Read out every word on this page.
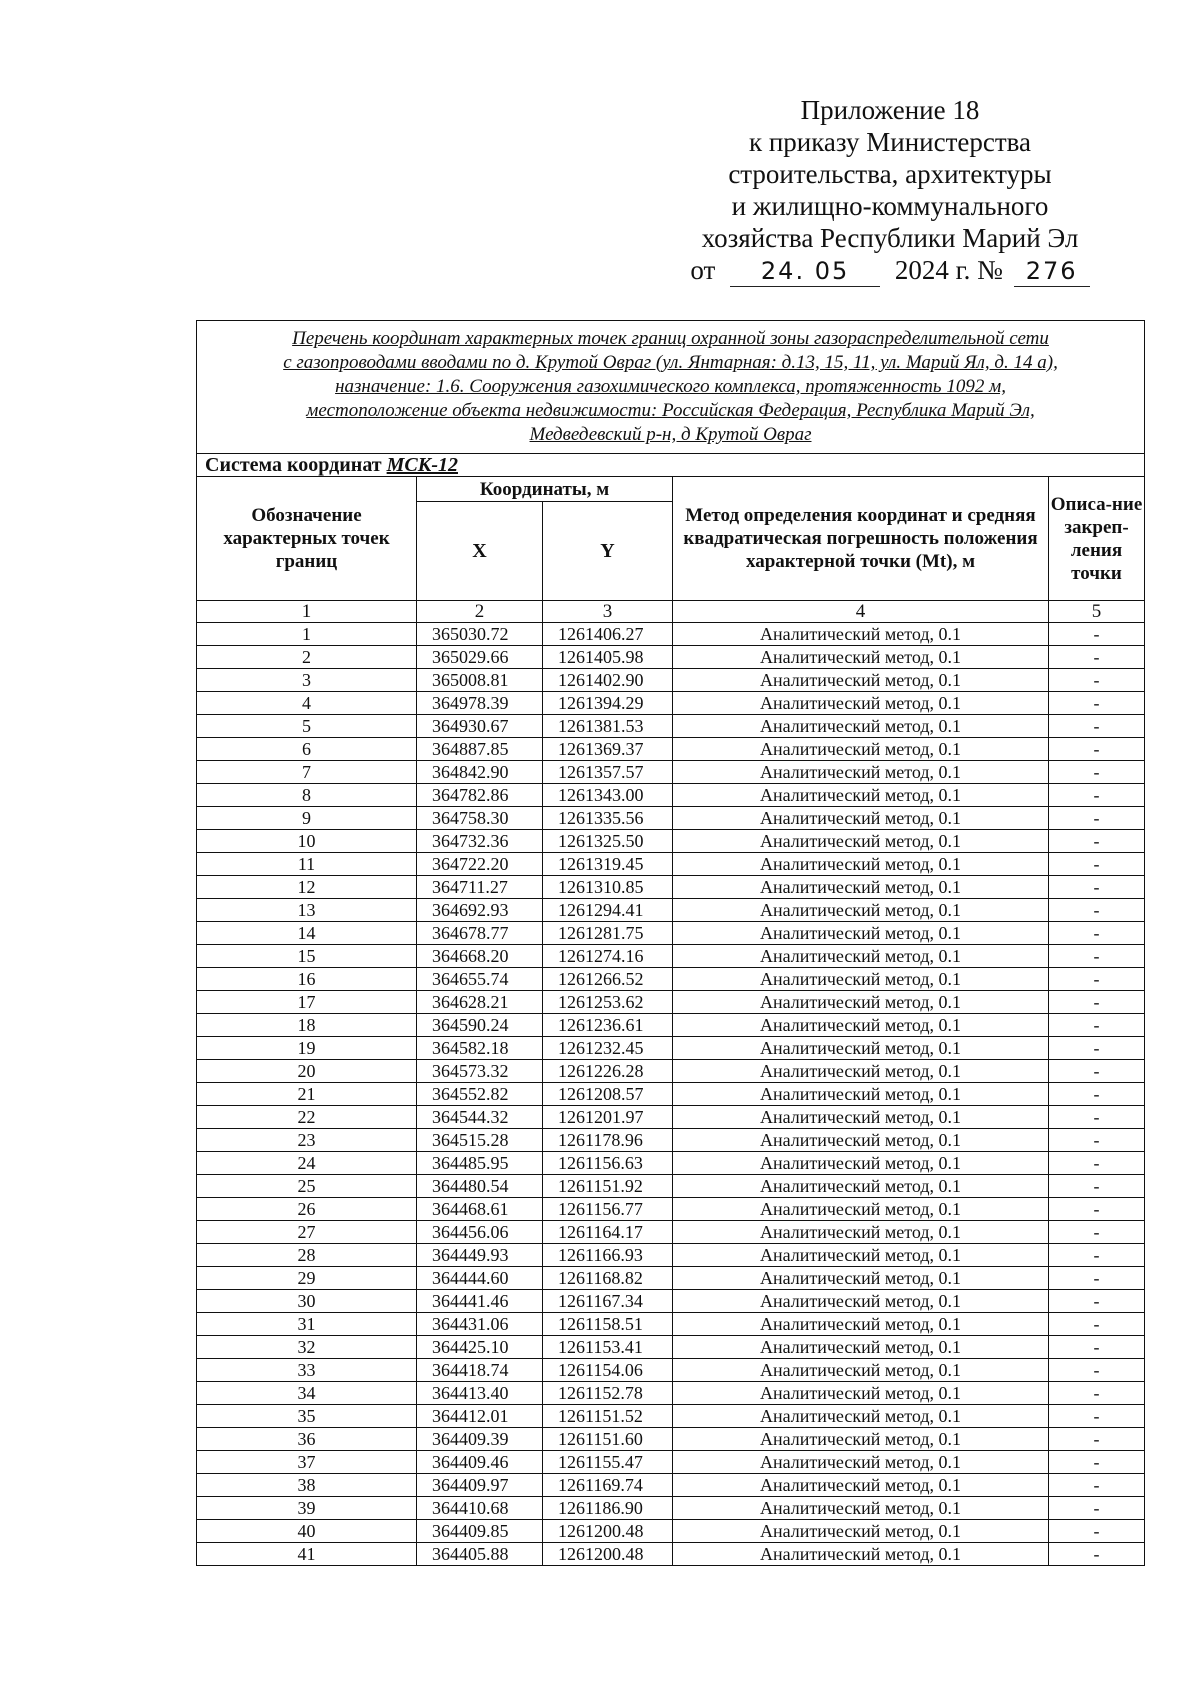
Приложение 18
к приказу Министерства
строительства, архитектуры
и жилищно-коммунального
хозяйства Республики Марий Эл
от 24. 05 2024 г. № 276
Перечень координат характерных точек границ охранной зоны газораспределительной сети
с газопроводами вводами по д. Крутой Овраг (ул. Янтарная: д.13, 15, 11, ул. Марий Ял, д. 14 а),
назначение: 1.6. Сооружения газохимического комплекса, протяженность 1092 м,
местоположение объекта недвижимости: Российская Федерация, Республика Марий Эл,
Медведевский р-н, д Крутой Овраг				

Система координат МСК-12				
Обозначение характерных точек границ	Координаты, м		Метод определения координат и средняя квадратическая погрешность положения характерной точки (Mt), м	Описа-ние закреп-ления точки
	X	Y		
1	2	3	4	5
1	365030.72	1261406.27	Аналитический метод, 0.1	-
2	365029.66	1261405.98	Аналитический метод, 0.1	-
3	365008.81	1261402.90	Аналитический метод, 0.1	-
4	364978.39	1261394.29	Аналитический метод, 0.1	-
5	364930.67	1261381.53	Аналитический метод, 0.1	-
6	364887.85	1261369.37	Аналитический метод, 0.1	-
7	364842.90	1261357.57	Аналитический метод, 0.1	-
8	364782.86	1261343.00	Аналитический метод, 0.1	-
9	364758.30	1261335.56	Аналитический метод, 0.1	-
10	364732.36	1261325.50	Аналитический метод, 0.1	-
11	364722.20	1261319.45	Аналитический метод, 0.1	-
12	364711.27	1261310.85	Аналитический метод, 0.1	-
13	364692.93	1261294.41	Аналитический метод, 0.1	-
14	364678.77	1261281.75	Аналитический метод, 0.1	-
15	364668.20	1261274.16	Аналитический метод, 0.1	-
16	364655.74	1261266.52	Аналитический метод, 0.1	-
17	364628.21	1261253.62	Аналитический метод, 0.1	-
18	364590.24	1261236.61	Аналитический метод, 0.1	-
19	364582.18	1261232.45	Аналитический метод, 0.1	-
20	364573.32	1261226.28	Аналитический метод, 0.1	-
21	364552.82	1261208.57	Аналитический метод, 0.1	-
22	364544.32	1261201.97	Аналитический метод, 0.1	-
23	364515.28	1261178.96	Аналитический метод, 0.1	-
24	364485.95	1261156.63	Аналитический метод, 0.1	-
25	364480.54	1261151.92	Аналитический метод, 0.1	-
26	364468.61	1261156.77	Аналитический метод, 0.1	-
27	364456.06	1261164.17	Аналитический метод, 0.1	-
28	364449.93	1261166.93	Аналитический метод, 0.1	-
29	364444.60	1261168.82	Аналитический метод, 0.1	-
30	364441.46	1261167.34	Аналитический метод, 0.1	-
31	364431.06	1261158.51	Аналитический метод, 0.1	-
32	364425.10	1261153.41	Аналитический метод, 0.1	-
33	364418.74	1261154.06	Аналитический метод, 0.1	-
34	364413.40	1261152.78	Аналитический метод, 0.1	-
35	364412.01	1261151.52	Аналитический метод, 0.1	-
36	364409.39	1261151.60	Аналитический метод, 0.1	-
37	364409.46	1261155.47	Аналитический метод, 0.1	-
38	364409.97	1261169.74	Аналитический метод, 0.1	-
39	364410.68	1261186.90	Аналитический метод, 0.1	-
40	364409.85	1261200.48	Аналитический метод, 0.1	-
41	364405.88	1261200.48	Аналитический метод, 0.1	-
